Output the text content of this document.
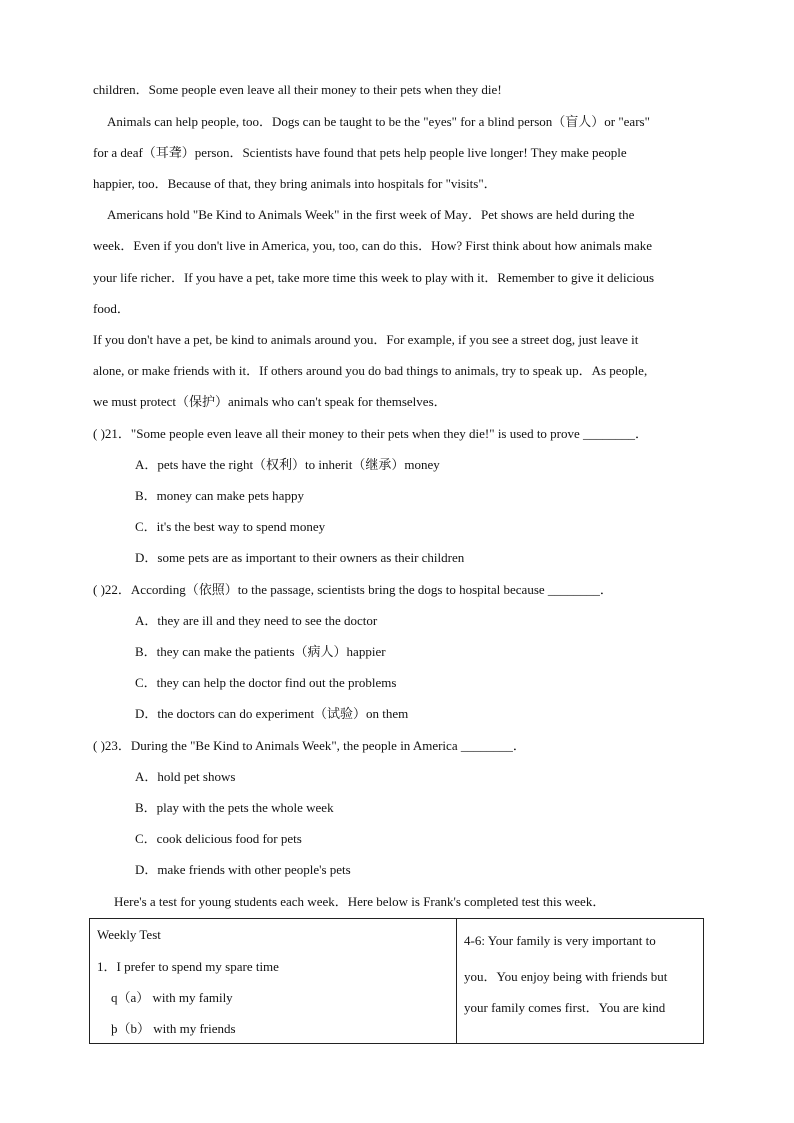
children．Some people even leave all their money to their pets when they die!
Animals can help people, too．Dogs can be taught to be the "eyes" for a blind person（盲人）or "ears"
for a deaf（耳聋）person．Scientists have found that pets help people live longer! They make people
happier, too．Because of that, they bring animals into hospitals for "visits"．
Americans hold "Be Kind to Animals Week" in the first week of May．Pet shows are held during the
week．Even if you don't live in America, you, too, can do this．How? First think about how animals make
your life richer．If you have a pet, take more time this week to play with it．Remember to give it delicious
food．
If you don't have a pet, be kind to animals around you．For example, if you see a street dog, just leave it
alone, or make friends with it．If others around you do bad things to animals, try to speak up．As people,
we must protect（保护）animals who can't speak for themselves．
( )21．"Some people even leave all their money to their pets when they die!" is used to prove ________．
A．pets have the right（权利）to inherit（继承）money
B．money can make pets happy
C．it's the best way to spend money
D．some pets are as important to their owners as their children
( )22．According（依照）to the passage, scientists bring the dogs to hospital because ________．
A．they are ill and they need to see the doctor
B．they can make the patients（病人）happier
C．they can help the doctor find out the problems
D．the doctors can do experiment（试验）on them
( )23．During the "Be Kind to Animals Week", the people in America ________．
A．hold pet shows
B．play with the pets the whole week
C．cook delicious food for pets
D．make friends with other people's pets
Here's a test for young students each week．Here below is Frank's completed test this week．
Weekly Test
1．I prefer to spend my spare time
q（a） with my family
þ（b） with my friends

4-6: Your family is very important to
you．You enjoy being with friends but
your family comes first．You are kind
